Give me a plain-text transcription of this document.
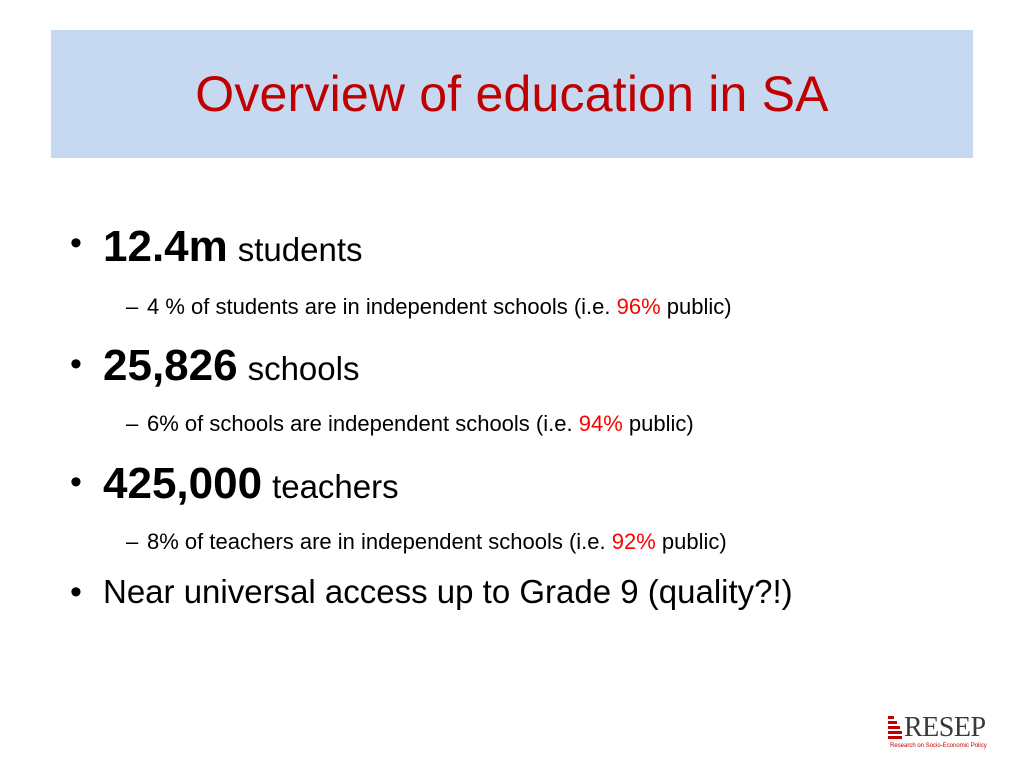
Overview of education in SA
• 12.4m students
– 4 % of students are in independent schools (i.e. 96% public)
• 25,826 schools
– 6% of schools are independent schools (i.e. 94% public)
• 425,000 teachers
– 8% of teachers are in independent schools (i.e. 92% public)
• Near universal access up to Grade 9 (quality?!)
RESEP
Research on Socio-Economic Policy
